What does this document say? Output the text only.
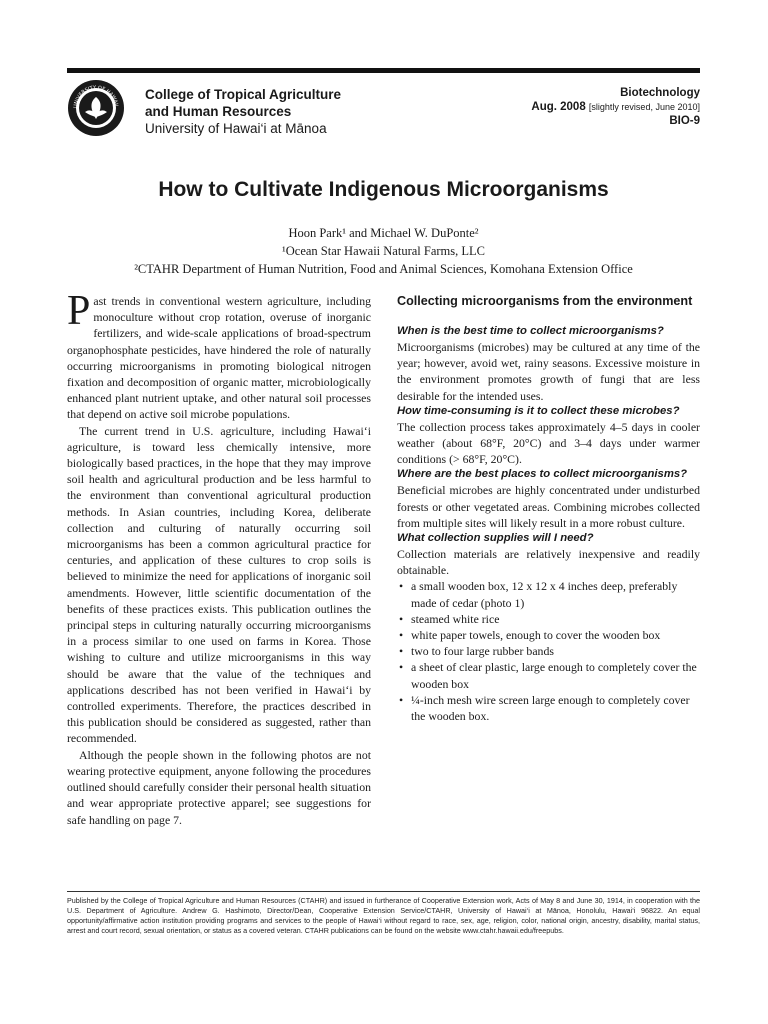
UNIVERSITY OF HAWAII
College of Tropical Agriculture
and Human Resources
University of Hawai‘i at Mānoa
Biotechnology
Aug. 2008 [slightly revised, June 2010]
BIO-9
How to Cultivate Indigenous Microorganisms
Hoon Park¹ and Michael W. DuPonte²
¹Ocean Star Hawaii Natural Farms, LLC
²CTAHR Department of Human Nutrition, Food and Animal Sciences, Komohana Extension Office

Past trends in conventional western agriculture, including monoculture without crop rotation, overuse of inorganic fertilizers, and wide-scale applications of broad-spectrum organophosphate pesticides, have hindered the role of naturally occurring microorganisms in promoting biological nitrogen fixation and decomposition of organic matter, microbiologically enhanced plant nutrient uptake, and other natural soil processes that depend on active soil microbe populations.

The current trend in U.S. agriculture, including Hawai‘i agriculture, is toward less chemically intensive, more biologically based practices, in the hope that they may improve soil health and agricultural production and be less harmful to the environment than conventional agricultural production methods. In Asian countries, including Korea, deliberate collection and culturing of naturally occurring soil microorganisms has been a common agricultural practice for centuries, and application of these cultures to crop soils is believed to minimize the need for applications of inorganic soil amendments. However, little scientific documentation of the benefits of these practices exists. This publication outlines the principal steps in culturing naturally occurring microorganisms in a process similar to one used on farms in Korea. Those wishing to culture and utilize microorganisms in this way should be aware that the value of the techniques and applications described has not been verified in Hawai‘i by controlled experiments. Therefore, the practices described in this publication should be considered as suggested, rather than recommended.

Although the people shown in the following photos are not wearing protective equipment, anyone following the procedures outlined should carefully consider their personal health situation and wear appropriate protective apparel; see suggestions for safe handling on page 7.

Collecting microorganisms from the environment
When is the best time to collect microorganisms?

Microorganisms (microbes) may be cultured at any time of the year; however, avoid wet, rainy seasons. Excessive moisture in the environment promotes growth of fungi that are less desirable for the intended uses.

How time-consuming is it to collect these microbes?

The collection process takes approximately 4–5 days in cooler weather (about 68°F, 20°C) and 3–4 days under warmer conditions (> 68°F, 20°C).

Where are the best places to collect microorganisms?

Beneficial microbes are highly concentrated under undisturbed forests or other vegetated areas. Combining microbes collected from multiple sites will likely result in a more robust culture.

What collection supplies will I need?

Collection materials are relatively inexpensive and readily obtainable.

• a small wooden box, 12 x 12 x 4 inches deep, preferably made of cedar (photo 1)
• steamed white rice
• white paper towels, enough to cover the wooden box
• two to four large rubber bands
• a sheet of clear plastic, large enough to completely cover the wooden box
• ¼-inch mesh wire screen large enough to completely cover the wooden box.
Published by the College of Tropical Agriculture and Human Resources (CTAHR) and issued in furtherance of Cooperative Extension work, Acts of May 8 and June 30, 1914, in cooperation with the U.S. Department of Agriculture. Andrew G. Hashimoto, Director/Dean, Cooperative Extension Service/CTAHR, University of Hawai‘i at Mānoa, Honolulu, Hawai‘i 96822. An equal opportunity/affirmative action institution providing programs and services to the people of Hawai‘i without regard to race, sex, age, religion, color, national origin, ancestry, disability, marital status, arrest and court record, sexual orientation, or status as a covered veteran. CTAHR publications can be found on the website www.ctahr.hawaii.edu/freepubs.
